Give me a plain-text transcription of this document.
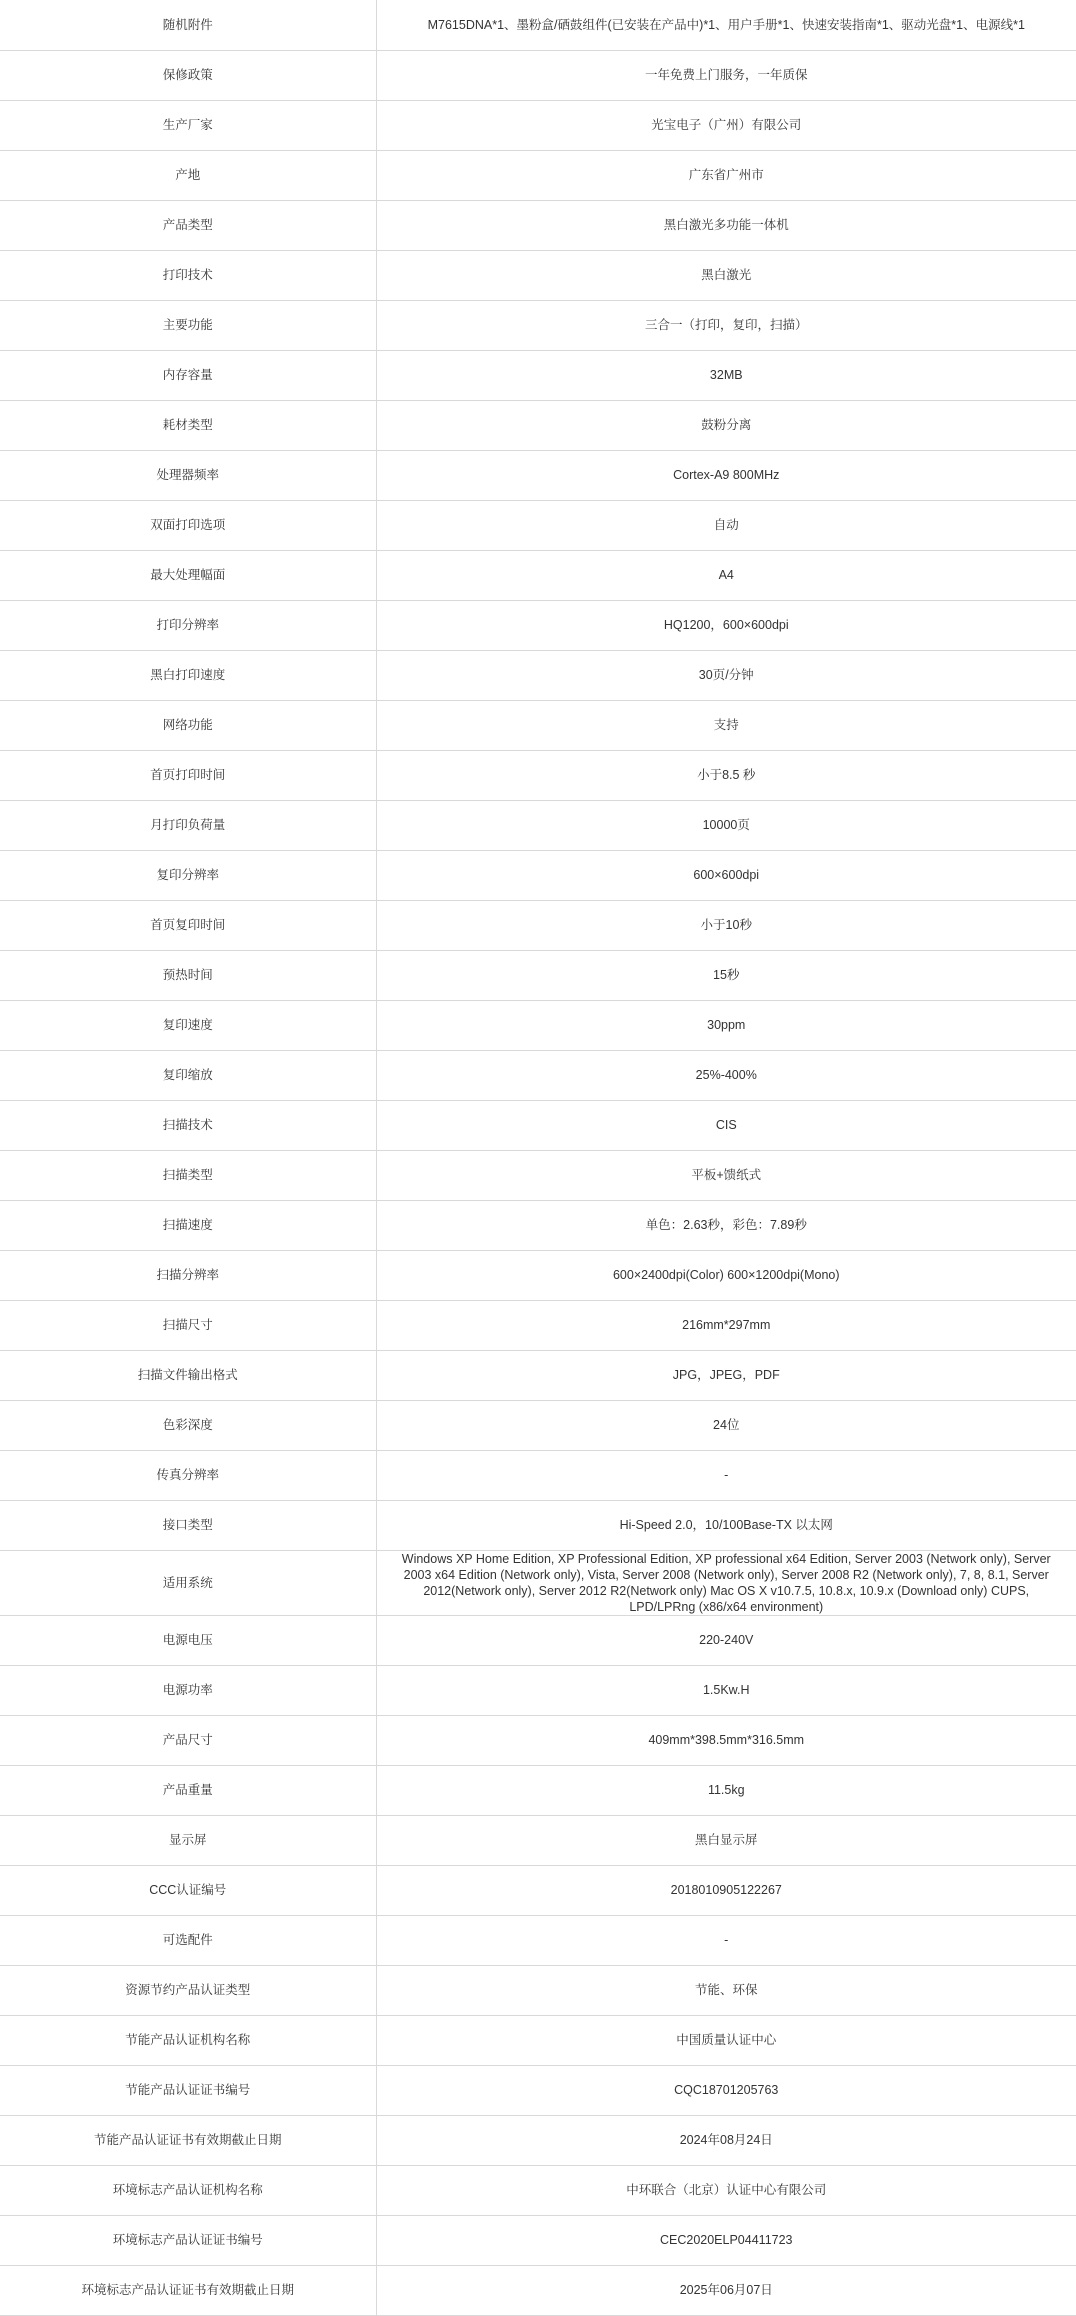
随机附件	M7615DNA*1、墨粉盒/硒鼓组件(已安装在产品中)*1、用户手册*1、快速安装指南*1、驱动光盘*1、电源线*1
保修政策	一年免费上门服务，一年质保
生产厂家	光宝电子（广州）有限公司
产地	广东省广州市
产品类型	黑白激光多功能一体机
打印技术	黑白激光
主要功能	三合一（打印，复印，扫描）
内存容量	32MB
耗材类型	鼓粉分离
处理器频率	Cortex-A9 800MHz
双面打印选项	自动
最大处理幅面	A4
打印分辨率	HQ1200，600×600dpi
黑白打印速度	30页/分钟
网络功能	支持
首页打印时间	小于8.5 秒
月打印负荷量	10000页
复印分辨率	600×600dpi
首页复印时间	小于10秒
预热时间	15秒
复印速度	30ppm
复印缩放	25%-400%
扫描技术	CIS
扫描类型	平板+馈纸式
扫描速度	单色：2.63秒，彩色：7.89秒
扫描分辨率	600×2400dpi(Color) 600×1200dpi(Mono)
扫描尺寸	216mm*297mm
扫描文件输出格式	JPG，JPEG，PDF
色彩深度	24位
传真分辨率	-
接口类型	Hi-Speed 2.0，10/100Base-TX 以太网
适用系统	Windows XP Home Edition, XP Professional Edition, XP professional x64 Edition, Server 2003 (Network only), Server 2003 x64 Edition (Network only), Vista, Server 2008 (Network only), Server 2008 R2 (Network only), 7, 8, 8.1, Server 2012(Network only), Server 2012 R2(Network only) Mac OS X v10.7.5, 10.8.x, 10.9.x (Download only) CUPS, LPD/LPRng (x86/x64 environment)
电源电压	220-240V
电源功率	1.5Kw.H
产品尺寸	409mm*398.5mm*316.5mm
产品重量	11.5kg
显示屏	黑白显示屏
CCC认证编号	2018010905122267
可选配件	-
资源节约产品认证类型	节能、环保
节能产品认证机构名称	中国质量认证中心
节能产品认证证书编号	CQC18701205763
节能产品认证证书有效期截止日期	2024年08月24日
环境标志产品认证机构名称	中环联合（北京）认证中心有限公司
环境标志产品认证证书编号	CEC2020ELP04411723
环境标志产品认证证书有效期截止日期	2025年06月07日
